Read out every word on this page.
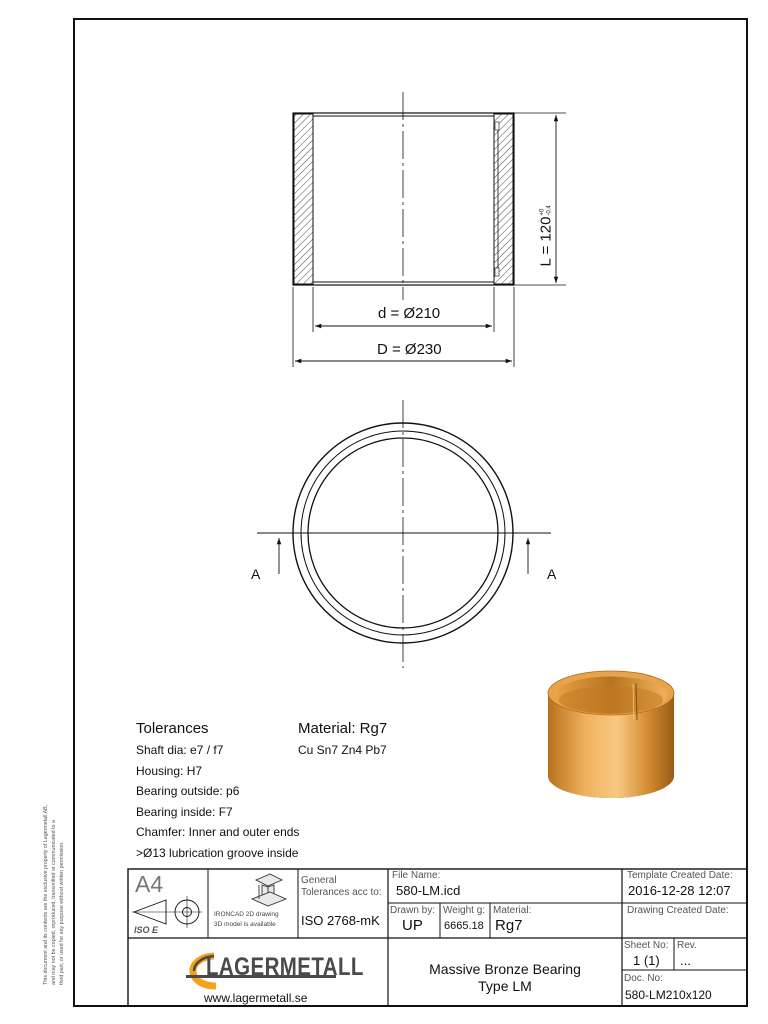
This document and its contents are the exclusive property of Lagermetall AB, and may not be copied, reproduced, transmitted or communicated to a third part, or used for any purpose without written permission.
L = 120
+0 -0.4
d = Ø210
D = Ø230
A	A
Tolerances
Shaft dia: e7 / f7
Housing: H7
Bearing outside: p6
Bearing inside: F7
Chamfer: Inner and outer ends
>Ø13 lubrication groove inside
Material: Rg7
Cu Sn7 Zn4 Pb7
A4
ISO E
IRONCAD 2D drawing
3D model is available
General
Tolerances acc to:
ISO 2768-mK
File Name:
580-LM.icd
Drawn by:
UP
Weight g:
6665.18
Material:
Rg7
Template Created Date:
2016-12-28 12:07
Drawing Created Date:
Sheet No:
1 (1)
Rev.
...
Doc. No:
580-LM210x120
Massive Bronze Bearing
Type LM
LAGERMETALL
www.lagermetall.se
